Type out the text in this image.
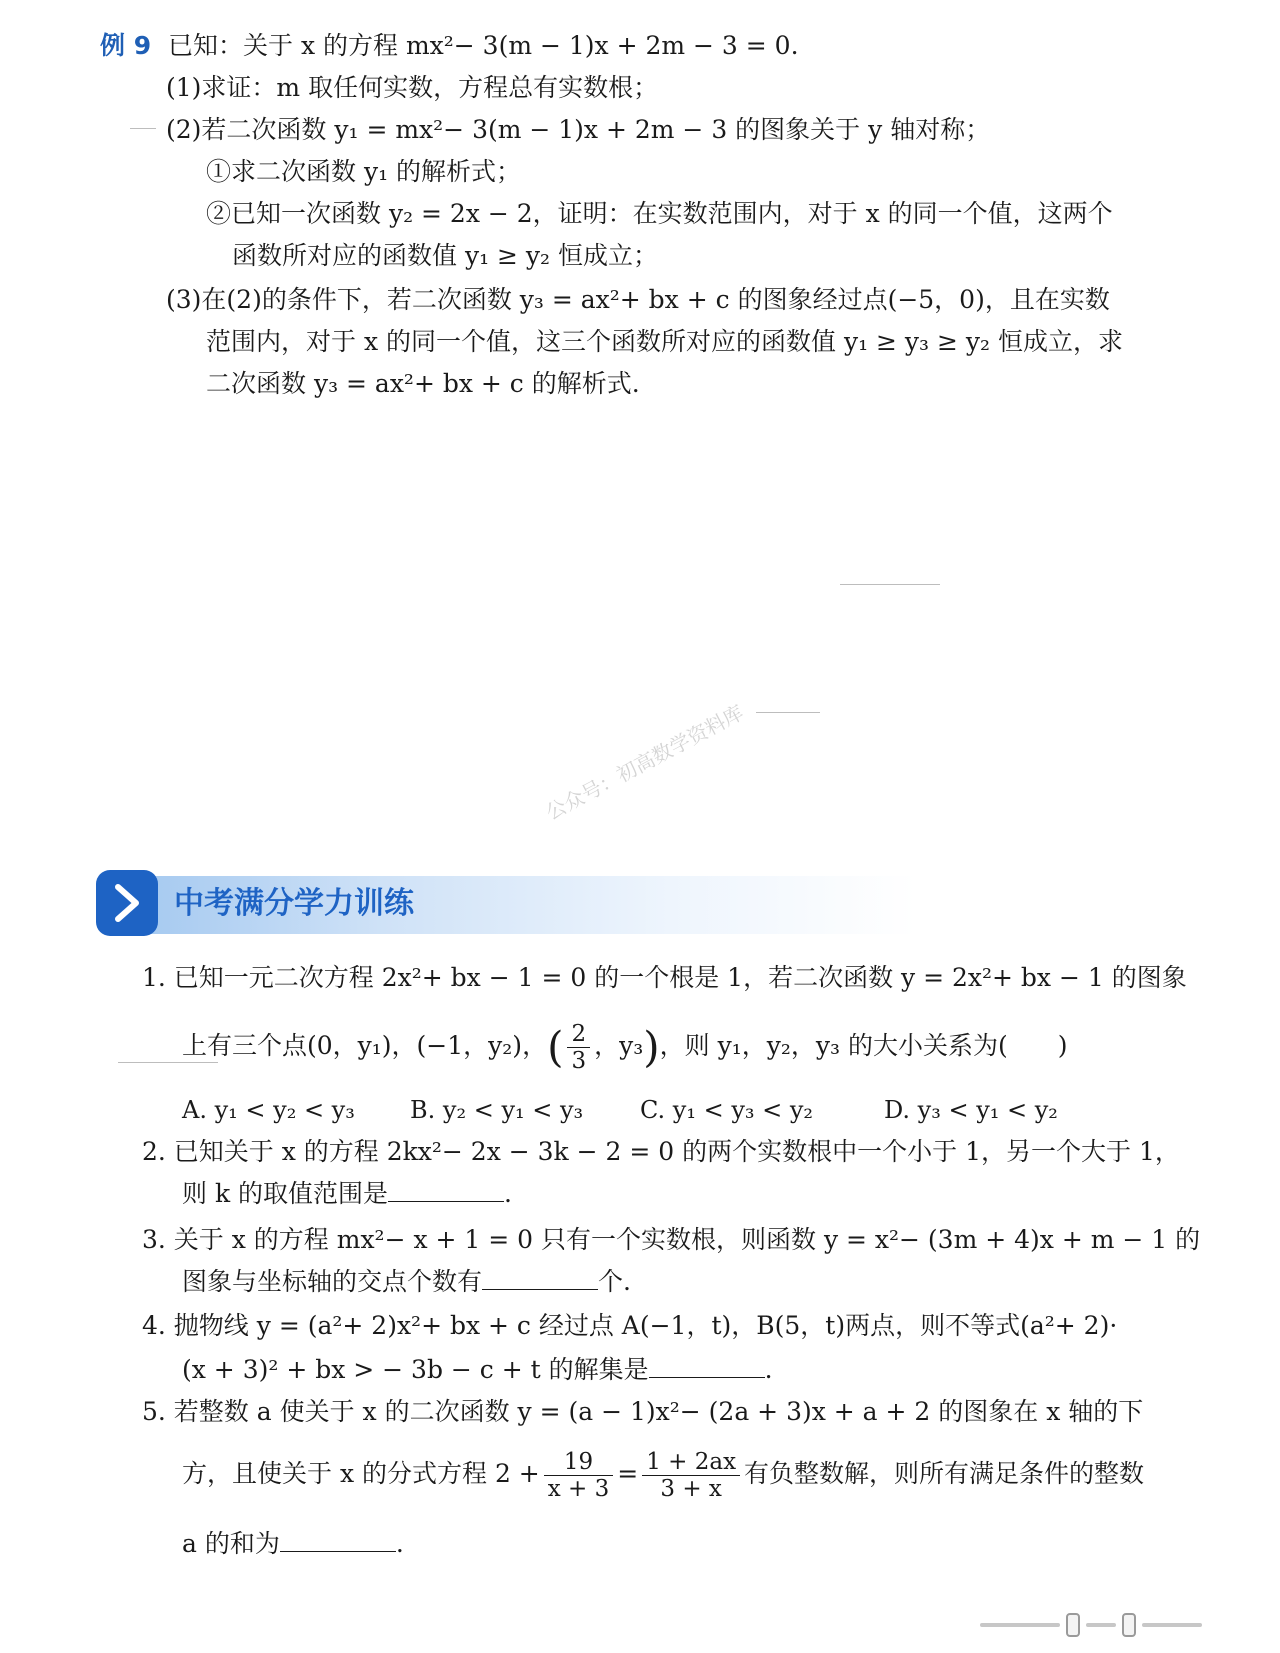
例 9 已知：关于 x 的方程 mx²− 3(m − 1)x + 2m − 3 = 0.
(1)求证：m 取任何实数，方程总有实数根；
(2)若二次函数 y₁ = mx²− 3(m − 1)x + 2m − 3 的图象关于 y 轴对称；
①求二次函数 y₁ 的解析式；
②已知一次函数 y₂ = 2x − 2，证明：在实数范围内，对于 x 的同一个值，这两个
函数所对应的函数值 y₁ ≥ y₂ 恒成立；
(3)在(2)的条件下，若二次函数 y₃ = ax²+ bx + c 的图象经过点(−5，0)，且在实数
范围内，对于 x 的同一个值，这三个函数所对应的函数值 y₁ ≥ y₃ ≥ y₂ 恒成立，求
二次函数 y₃ = ax²+ bx + c 的解析式.
公众号：初高数学资料库
中考满分学力训练
1. 已知一元二次方程 2x²+ bx − 1 = 0 的一个根是 1，若二次函数 y = 2x²+ bx − 1 的图象
上有三个点(0，y₁)，(−1，y₂)，( $\frac{2}{3}$ ，y₃)，则 y₁，y₂，y₃ 的大小关系为(　　)
A. y₁ < y₂ < y₃ B. y₂ < y₁ < y₃ C. y₁ < y₃ < y₂	D. y₃ < y₁ < y₂
2. 已知关于 x 的方程 2kx²− 2x − 3k − 2 = 0 的两个实数根中一个小于 1，另一个大于 1，
则 k 的取值范围是	.
3. 关于 x 的方程 mx²− x + 1 = 0 只有一个实数根，则函数 y = x²− (3m + 4)x + m − 1 的
图象与坐标轴的交点个数有	个.
4. 抛物线 y = (a²+ 2)x²+ bx + c 经过点 A(−1，t)，B(5，t)两点，则不等式(a²+ 2)·
(x + 3)² + bx > − 3b − c + t 的解集是	.
5. 若整数 a 使关于 x 的二次函数 y = (a − 1)x²− (2a + 3)x + a + 2 的图象在 x 轴的下
方，且使关于 x 的分式方程 $2 + \frac{19}{x + 3} = \frac{1 + 2ax}{3 + x}$ 有负整数解，则所有满足条件的整数
a 的和为	.
